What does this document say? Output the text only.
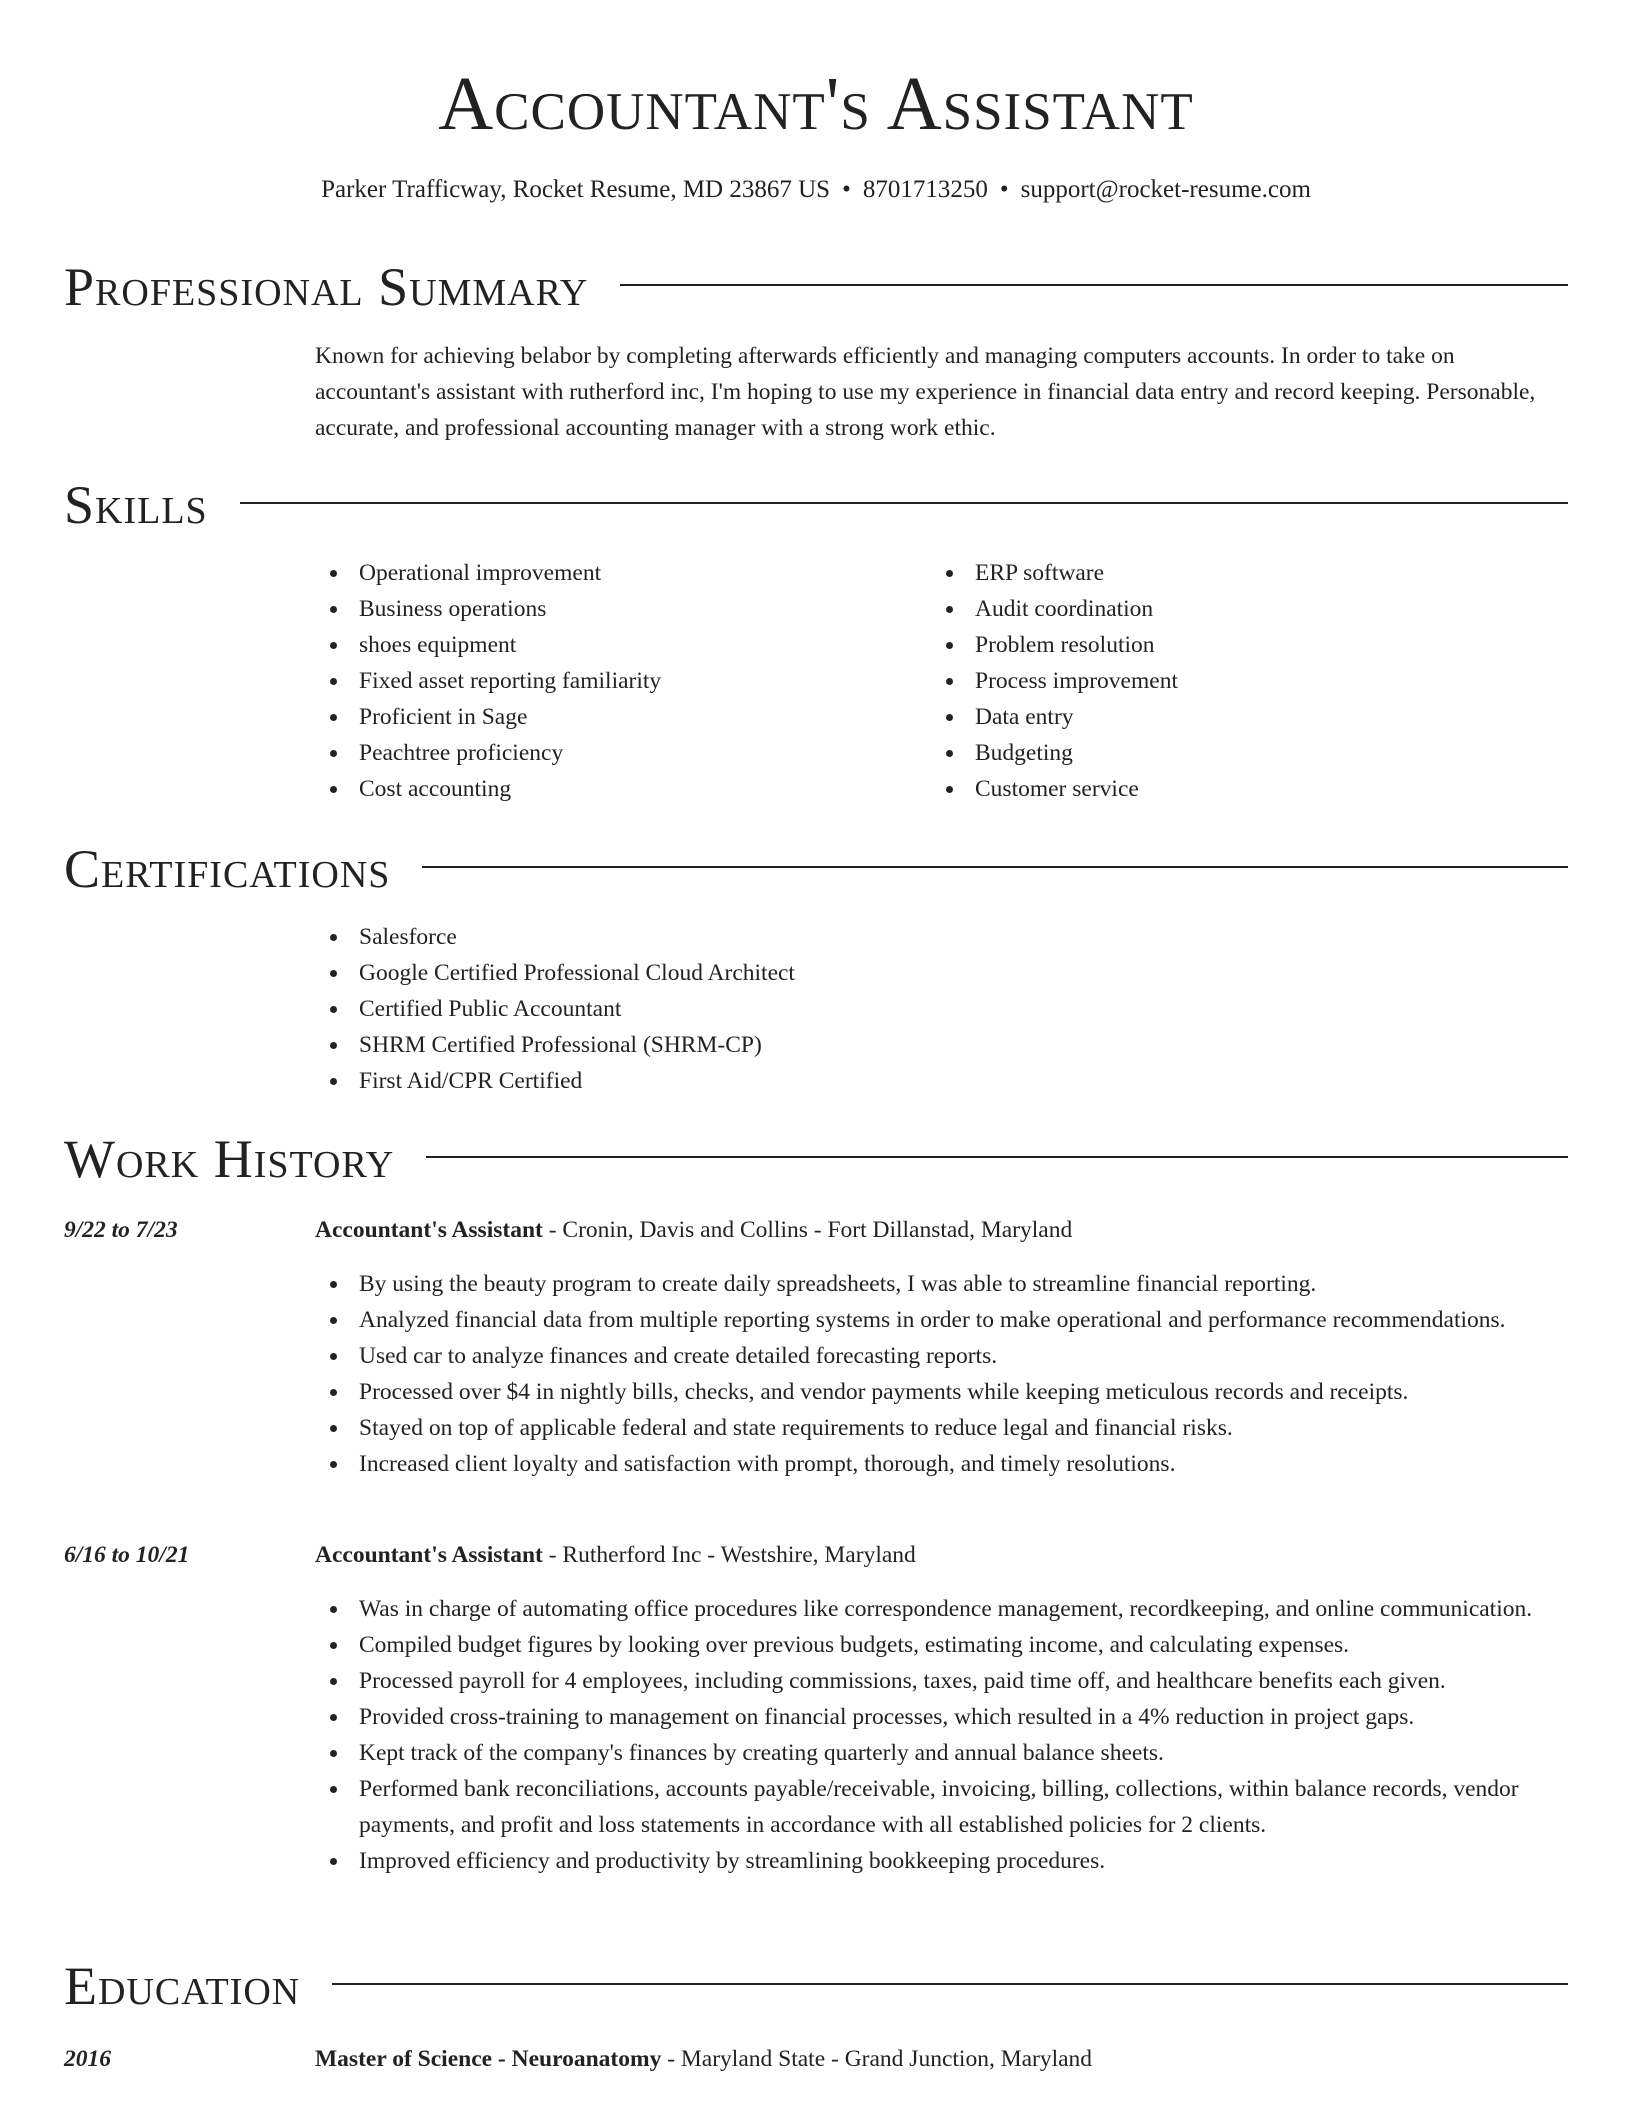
Accountant's Assistant
Parker Trafficway, Rocket Resume, MD 23867 US • 8701713250 • support@rocket-resume.com
Professional Summary
Known for achieving belabor by completing afterwards efficiently and managing computers accounts. In order to take on accountant's assistant with rutherford inc, I'm hoping to use my experience in financial data entry and record keeping. Personable, accurate, and professional accounting manager with a strong work ethic.
Skills
Operational improvement
Business operations
shoes equipment
Fixed asset reporting familiarity
Proficient in Sage
Peachtree proficiency
Cost accounting
ERP software
Audit coordination
Problem resolution
Process improvement
Data entry
Budgeting
Customer service
Certifications
Salesforce
Google Certified Professional Cloud Architect
Certified Public Accountant
SHRM Certified Professional (SHRM-CP)
First Aid/CPR Certified
Work History
9/22 to 7/23	Accountant's Assistant - Cronin, Davis and Collins - Fort Dillanstad, Maryland
By using the beauty program to create daily spreadsheets, I was able to streamline financial reporting.
Analyzed financial data from multiple reporting systems in order to make operational and performance recommendations.
Used car to analyze finances and create detailed forecasting reports.
Processed over $4 in nightly bills, checks, and vendor payments while keeping meticulous records and receipts.
Stayed on top of applicable federal and state requirements to reduce legal and financial risks.
Increased client loyalty and satisfaction with prompt, thorough, and timely resolutions.
6/16 to 10/21	Accountant's Assistant - Rutherford Inc - Westshire, Maryland
Was in charge of automating office procedures like correspondence management, recordkeeping, and online communication.
Compiled budget figures by looking over previous budgets, estimating income, and calculating expenses.
Processed payroll for 4 employees, including commissions, taxes, paid time off, and healthcare benefits each given.
Provided cross-training to management on financial processes, which resulted in a 4% reduction in project gaps.
Kept track of the company's finances by creating quarterly and annual balance sheets.
Performed bank reconciliations, accounts payable/receivable, invoicing, billing, collections, within balance records, vendor payments, and profit and loss statements in accordance with all established policies for 2 clients.
Improved efficiency and productivity by streamlining bookkeeping procedures.
Education
2016	Master of Science - Neuroanatomy - Maryland State - Grand Junction, Maryland
